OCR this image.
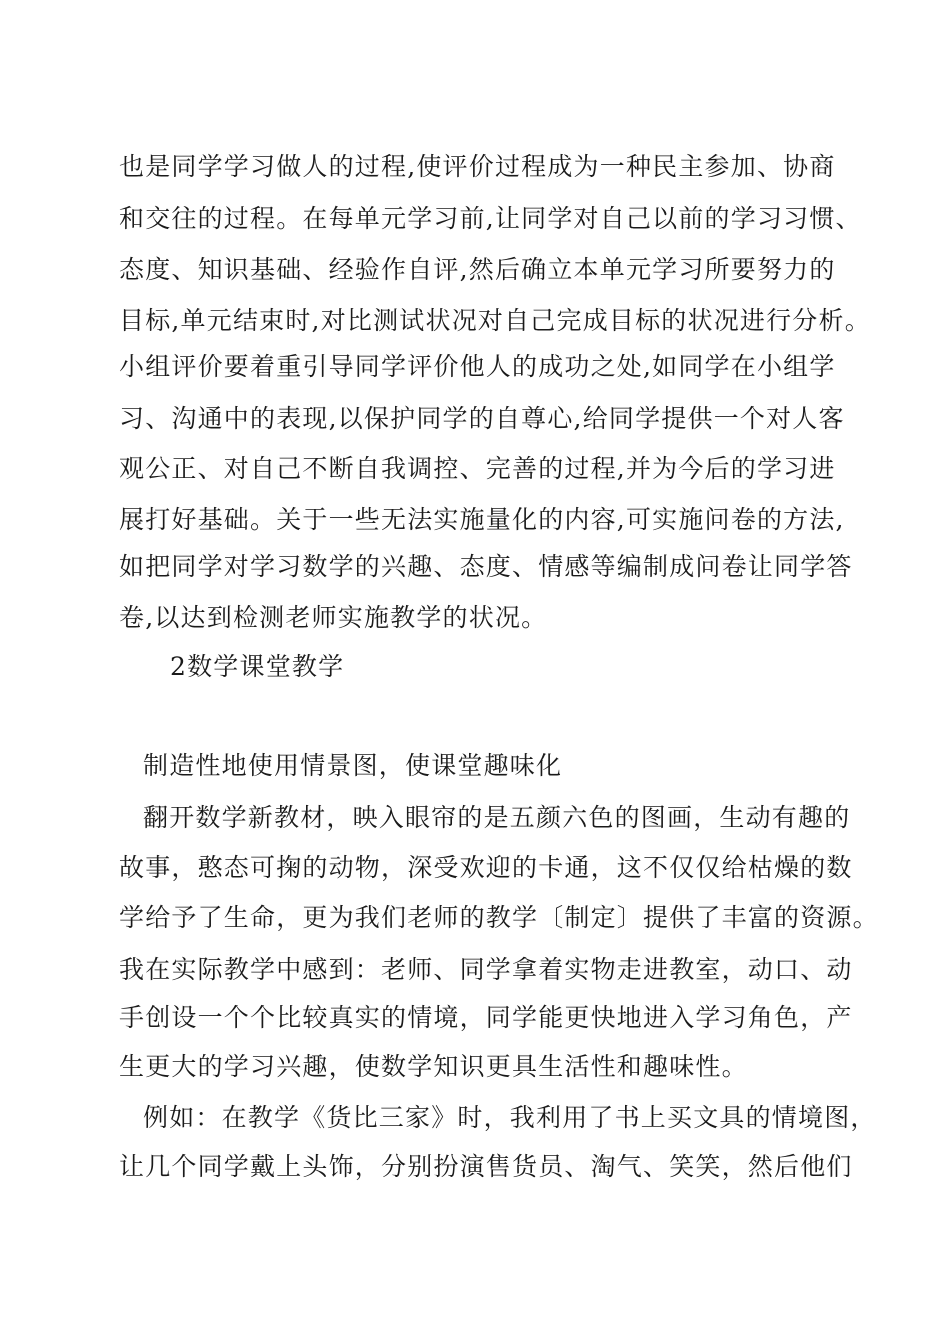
也是同学学习做人的过程,使评价过程成为一种民主参加、协商
和交往的过程。在每单元学习前,让同学对自己以前的学习习惯、
态度、知识基础、经验作自评,然后确立本单元学习所要努力的
目标,单元结束时,对比测试状况对自己完成目标的状况进行分析。
小组评价要着重引导同学评价他人的成功之处,如同学在小组学
习、沟通中的表现,以保护同学的自尊心,给同学提供一个对人客
观公正、对自己不断自我调控、完善的过程,并为今后的学习进
展打好基础。关于一些无法实施量化的内容,可实施问卷的方法,
如把同学对学习数学的兴趣、态度、情感等编制成问卷让同学答
卷,以达到检测老师实施教学的状况。
2数学课堂教学
制造性地使用情景图，使课堂趣味化
翻开数学新教材，映入眼帘的是五颜六色的图画，生动有趣的
故事，憨态可掬的动物，深受欢迎的卡通，这不仅仅给枯燥的数
学给予了生命，更为我们老师的教学〔制定〕提供了丰富的资源。
我在实际教学中感到：老师、同学拿着实物走进教室，动口、动
手创设一个个比较真实的情境，同学能更快地进入学习角色，产
生更大的学习兴趣，使数学知识更具生活性和趣味性。
例如：在教学《货比三家》时，我利用了书上买文具的情境图，
让几个同学戴上头饰，分别扮演售货员、淘气、笑笑，然后他们
